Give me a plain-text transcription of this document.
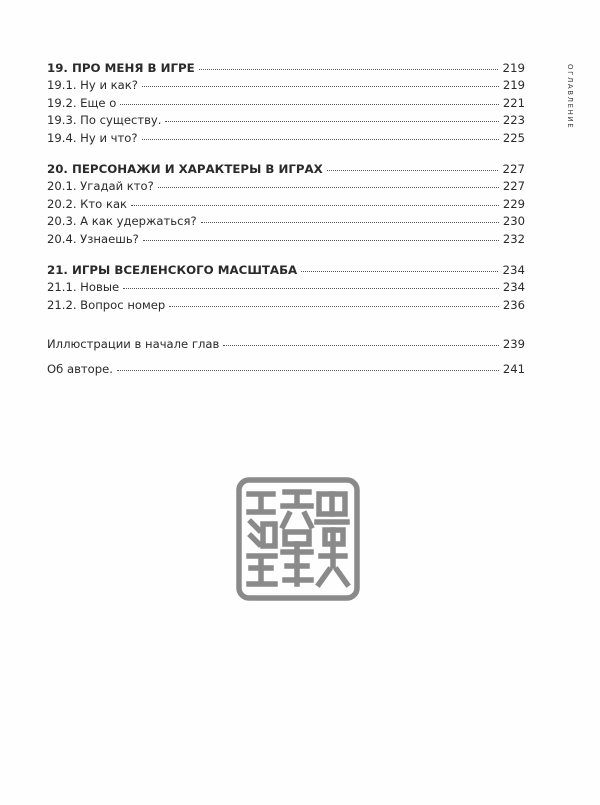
ОГЛАВЛЕНИЕ
19. ПРО МЕНЯ В ИГРЕ	219
19.1. Ну и как?	219
19.2. Еще о	221
19.3. По существу.	223
19.4. Ну и что?	225
20. ПЕРСОНАЖИ И ХАРАКТЕРЫ В ИГРАХ	227
20.1. Угадай кто?	227
20.2. Кто как	229
20.3. А как удержаться?	230
20.4. Узнаешь?	232
21. ИГРЫ ВСЕЛЕНСКОГО МАСШТАБА	234
21.1. Новые	234
21.2. Вопрос номер	236
Иллюстрации в начале глав	239
Об авторе.	241
